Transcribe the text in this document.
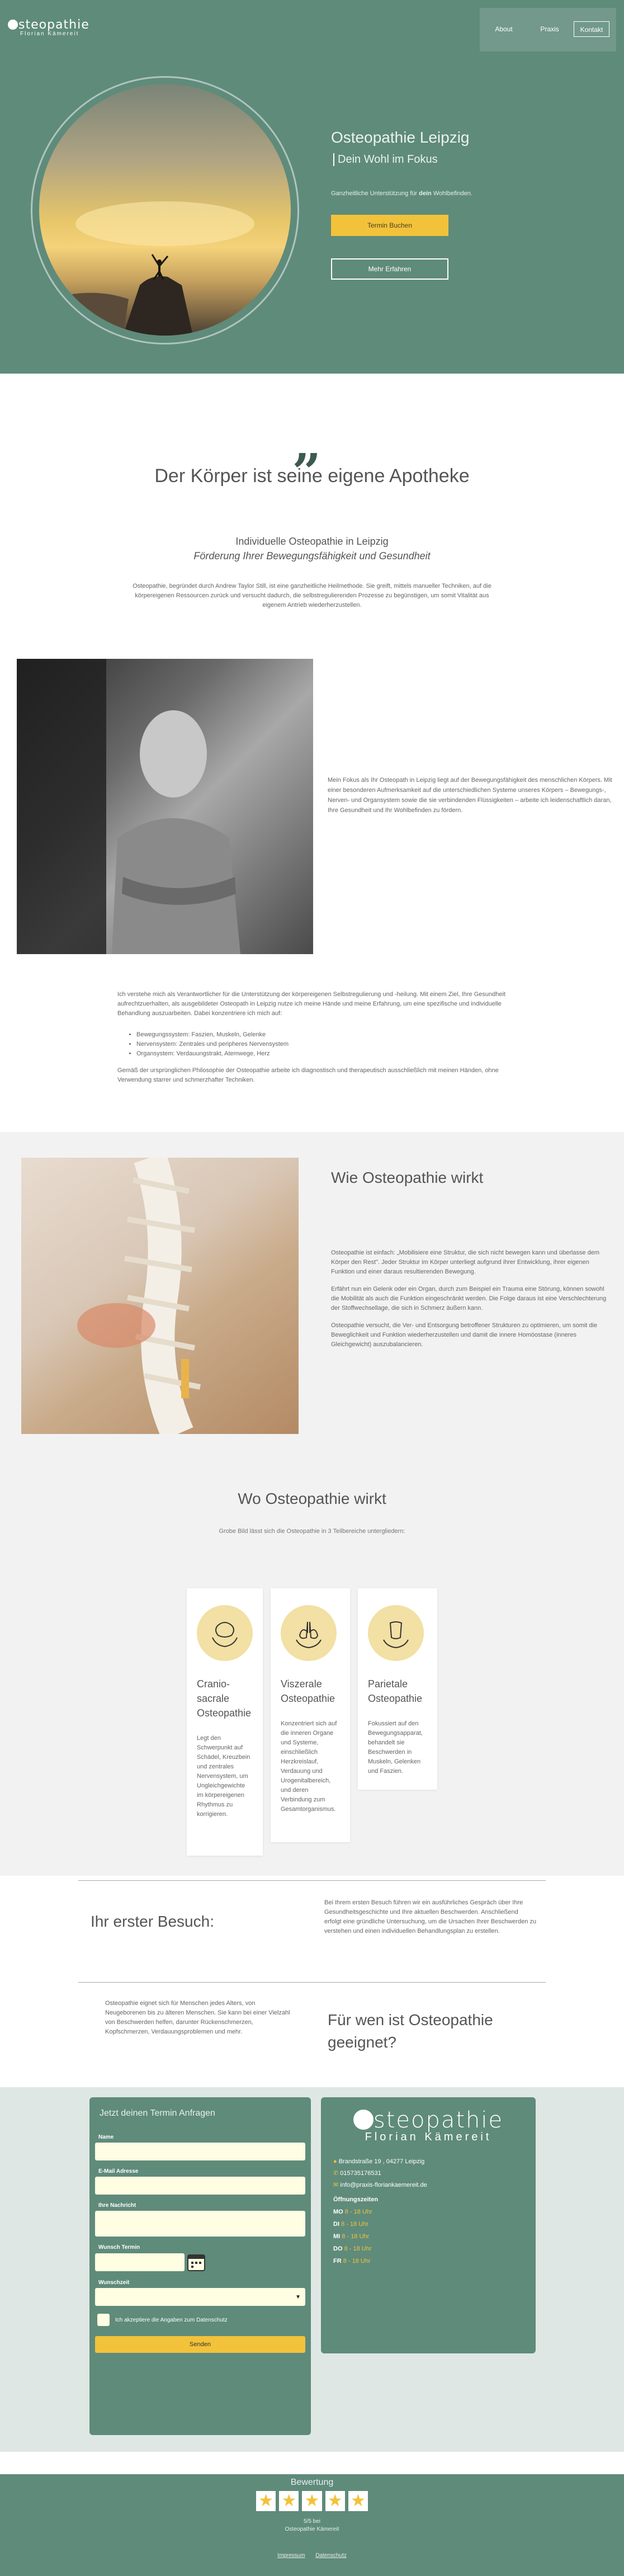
steopathie
Florian Kämereit
About	Praxis	Kontakt
Osteopathie Leipzig
Dein Wohl im Fokus
Ganzheitliche Unterstützung für dein Wohlbefinden.
Termin Buchen
Mehr Erfahren
„
Der Körper ist seine eigene Apotheke
Individuelle Osteopathie in Leipzig
Förderung Ihrer Bewegungsfähigkeit und Gesundheit
Osteopathie, begründet durch Andrew Taylor Still, ist eine ganzheitliche Heilmethode. Sie greift, mittels manueller Techniken, auf die körpereigenen Ressourcen zurück und versucht dadurch, die selbstregulierenden Prozesse zu begünstigen, um somit Vitalität aus eigenem Antrieb wiederherzustellen.
Mein Fokus als Ihr Osteopath in Leipzig liegt auf der Bewegungsfähigkeit des menschlichen Körpers. Mit einer besonderen Aufmerksamkeit auf die unterschiedlichen Systeme unseres Körpers – Bewegungs-, Nerven- und Organsystem sowie die sie verbindenden Flüssigkeiten – arbeite ich leidenschaftlich daran, Ihre Gesundheit und Ihr Wohlbefinden zu fördern.
Ich verstehe mich als Verantwortlicher für die Unterstützung der körpereigenen Selbstregulierung und -heilung. Mit einem Ziel, Ihre Gesundheit aufrechtzuerhalten, als ausgebildeter Osteopath in Leipzig nutze ich meine Hände und meine Erfahrung, um eine spezifische und individuelle Behandlung auszuarbeiten. Dabei konzentriere ich mich auf:
• Bewegungssystem: Faszien, Muskeln, Gelenke
• Nervensystem: Zentrales und peripheres Nervensystem
• Organsystem: Verdauungstrakt, Atemwege, Herz
Gemäß der ursprünglichen Philosophie der Osteopathie arbeite ich diagnostisch und therapeutisch ausschließlich mit meinen Händen, ohne Verwendung starrer und schmerzhafter Techniken.
Wie Osteopathie wirkt

Osteopathie ist einfach: „Mobilisiere eine Struktur, die sich nicht bewegen kann und überlasse dem Körper den Rest". Jeder Struktur im Körper unterliegt aufgrund ihrer Entwicklung, ihrer eigenen Funktion und einer daraus resultierenden Bewegung.

Erfährt nun ein Gelenk oder ein Organ, durch zum Beispiel ein Trauma eine Störung, können sowohl die Mobilität als auch die Funktion eingeschränkt werden. Die Folge daraus ist eine Verschlechterung der Stoffwechsellage, die sich in Schmerz äußern kann.

Osteopathie versucht, die Ver- und Entsorgung betroffener Strukturen zu optimieren, um somit die Beweglichkeit und Funktion wiederherzustellen und damit die innere Homöostase (inneres Gleichgewicht) auszubalancieren.

Wo Osteopathie wirkt
Grobe Bild lässt sich die Osteopathie in 3 Teilbereiche untergliedern:
Cranio-sacrale Osteopathie
Legt den Schwerpunkt auf Schädel, Kreuzbein und zentrales Nervensystem, um Ungleichgewichte im körpereigenen Rhythmus zu korrigieren.
Viszerale Osteopathie
Konzentriert sich auf die inneren Organe und Systeme, einschließlich Herzkreislauf, Verdauung und Urogenitalbereich, und deren Verbindung zum Gesamtorganismus.
Parietale Osteopathie
Fokussiert auf den Bewegungsapparat, behandelt sie Beschwerden in Muskeln, Gelenken und Faszien.
Ihr erster Besuch:
Bei Ihrem ersten Besuch führen wir ein ausführliches Gespräch über Ihre Gesundheitsgeschichte und Ihre aktuellen Beschwerden. Anschließend erfolgt eine gründliche Untersuchung, um die Ursachen Ihrer Beschwerden zu verstehen und einen individuellen Behandlungsplan zu erstellen.
Osteopathie eignet sich für Menschen jedes Alters, von Neugeborenen bis zu älteren Menschen. Sie kann bei einer Vielzahl von Beschwerden helfen, darunter Rückenschmerzen, Kopfschmerzen, Verdauungsproblemen und mehr.
Für wen ist Osteopathie geeignet?
Jetzt deinen Termin Anfragen
Name
E-Mail Adresse
Ihre Nachricht
Wunsch Termin
Wunschzeit
▼
Ich akzeptiere die Angaben zum Datenschutz
Senden
steopathie
Florian Kämereit
● Brandstraße 19 , 04277 Leipzig
✆ 015735176531
✉ info@praxis-floriankaemereit.de
Öffnungszeiten
MO 8 - 18 Uhr
DI 8 - 18 Uhr
MI 8 - 18 Uhr
DO 8 - 18 Uhr
FR 8 - 18 Uhr
Bewertung
★ ★ ★ ★ ★
5/5 bei
Osteopathie Kämereit
Impressum Datenschutz
